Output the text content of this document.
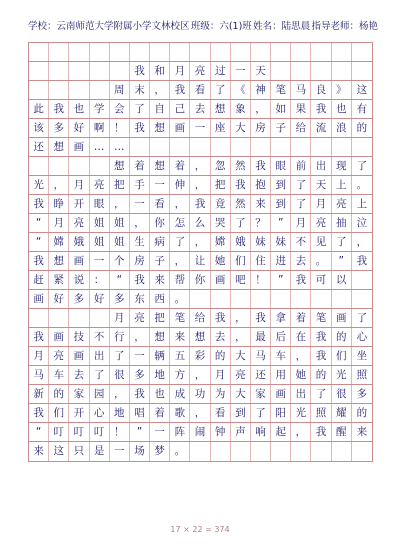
学校：云南师范大学附属小学文林校区 班级：六(1)班 姓名：陆思晨 指导老师：杨艳
我 和 月 亮 过 一 天
周 末 ， 我 看 了 《 神 笔 马 良 》 这
此 我 也 学 会 了 自 己 去 想 象 ， 如 果 我 也 有
该 多 好 啊 ！ 我 想 画 一 座 大 房 子 给 流 浪 的
还 想 画 … …
想 着 想 着 ， 忽 然 我 眼 前 出 现 了
光 ， 月 亮 把 手 一 伸 ， 把 我 抱 到 了 天 上 。
我 睁 开 眼 ， 一 看 ， 我 竟 然 来 到 了 月 亮 上
“	月 亮 姐 姐 ， 你 怎 么 哭 了 ？	”	月 亮 抽 泣
“	嫦 娥 姐 姐 生 病 了 ， 嫦 娥 妹 妹 不 见 了 ，
我 想 画 一 个 房 子 ， 让 她 们 住 进 去 。	”	我
赶 紧 说 ：	“	我 来 帮 你 画 吧 ！	”	我 可 以
画 好 多 好 多 东 西 。
月 亮 把 笔 给 我 ， 我 拿 着 笔 画 了
我 画 技 不 行 ， 想 来 想 去 ， 最 后 在 我 的 心
月 亮 画 出 了 一 辆 五 彩 的 大 马 车 ， 我 们 坐
马 车 去 了 很 多 地 方 ， 月 亮 还 用 她 的 光 照
新 的 家 园 ， 我 也 成 功 为 大 家 画 出 了 很 多
我 们 开 心 地 唱 着 歌 ， 看 到 了 阳 光 照 耀 的
“	叮 叮 叮 ！	”	一 阵 闹 钟 声 响 起 ， 我 醒 来
来 这 只 是 一 场 梦 。
17 × 22 = 374
